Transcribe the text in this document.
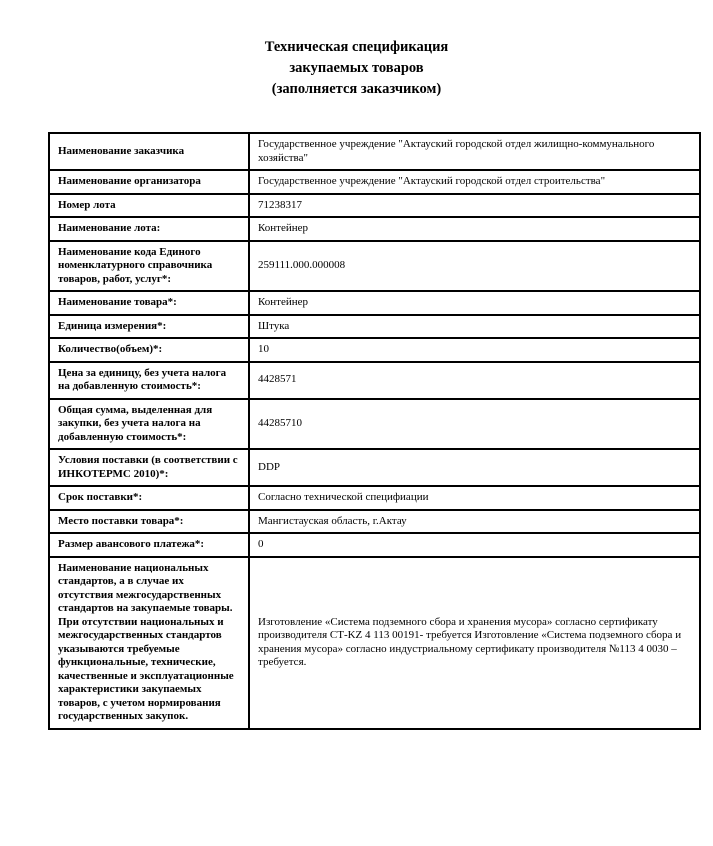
Техническая спецификация
закупаемых товаров
(заполняется заказчиком)
Наименование заказчика	Государственное учреждение "Актауский городской отдел жилищно-коммунального хозяйства"
Наименование организатора	Государственное учреждение "Актауский городской отдел строительства"
Номер лота	71238317
Наименование лота:	Контейнер
Наименование кода Единого номенклатурного справочника товаров, работ, услуг*:	259111.000.000008
Наименование товара*:	Контейнер
Единица измерения*:	Штука
Количество(объем)*:	10
Цена за единицу, без учета налога на добавленную стоимость*:	4428571
Общая сумма, выделенная для закупки, без учета налога на добавленную стоимость*:	44285710
Условия поставки (в соответствии с ИНКОТЕРМС 2010)*:	DDP
Срок поставки*:	Согласно технической специфиации
Место поставки товара*:	Мангистауская область, г.Актау
Размер авансового платежа*:	0
Наименование национальных стандартов, а в случае их отсутствия межгосударственных стандартов на закупаемые товары. При отсутствии национальных и межгосударственных стандартов указываются требуемые функциональные, технические, качественные и эксплуатационные характеристики закупаемых товаров, с учетом нормирования государственных закупок.	Изготовление «Система подземного сбора и хранения мусора» согласно сертификату производителя СТ-KZ 4 113 00191- требуется Изготовление «Система подземного сбора и хранения мусора» согласно индустриальному сертификату производителя №113 4 0030 – требуется.
